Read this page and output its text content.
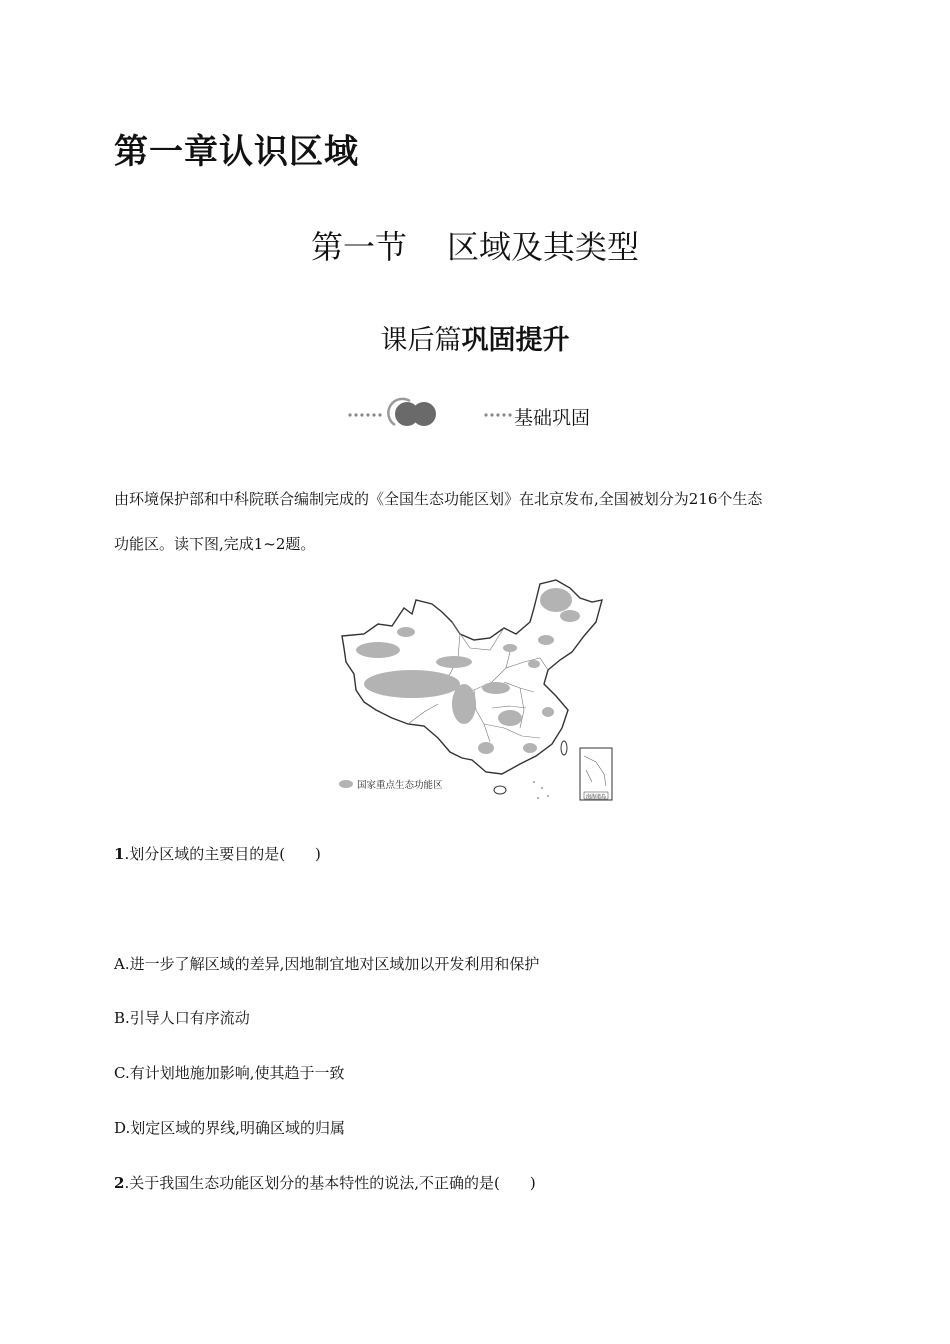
第一章认识区域
第一节 区域及其类型
课后篇巩固提升
基础巩固
由环境保护部和中科院联合编制完成的《全国生态功能区划》在北京发布,全国被划分为216个生态
功能区。读下图,完成1~2题。
南海诸岛
国家重点生态功能区
1.划分区域的主要目的是(　　)
A.进一步了解区域的差异,因地制宜地对区域加以开发利用和保护
B.引导人口有序流动
C.有计划地施加影响,使其趋于一致
D.划定区域的界线,明确区域的归属
2.关于我国生态功能区划分的基本特性的说法,不正确的是(　　)
